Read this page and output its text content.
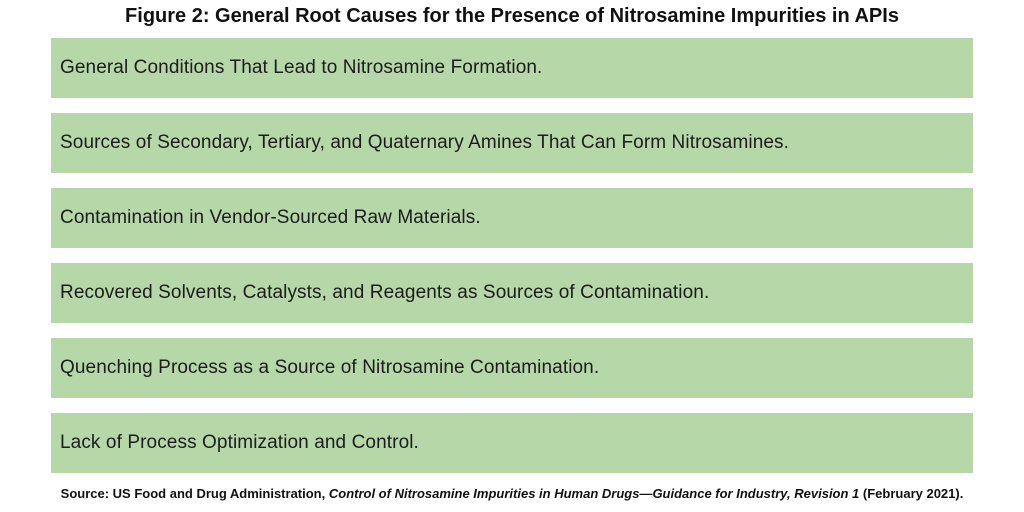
Figure 2: General Root Causes for the Presence of Nitrosamine Impurities in APIs
General Conditions That Lead to Nitrosamine Formation.
Sources of Secondary, Tertiary, and Quaternary Amines That Can Form Nitrosamines.
Contamination in Vendor-Sourced Raw Materials.
Recovered Solvents, Catalysts, and Reagents as Sources of Contamination.
Quenching Process as a Source of Nitrosamine Contamination.
Lack of Process Optimization and Control.
Source: US Food and Drug Administration, Control of Nitrosamine Impurities in Human Drugs—Guidance for Industry, Revision 1 (February 2021).
